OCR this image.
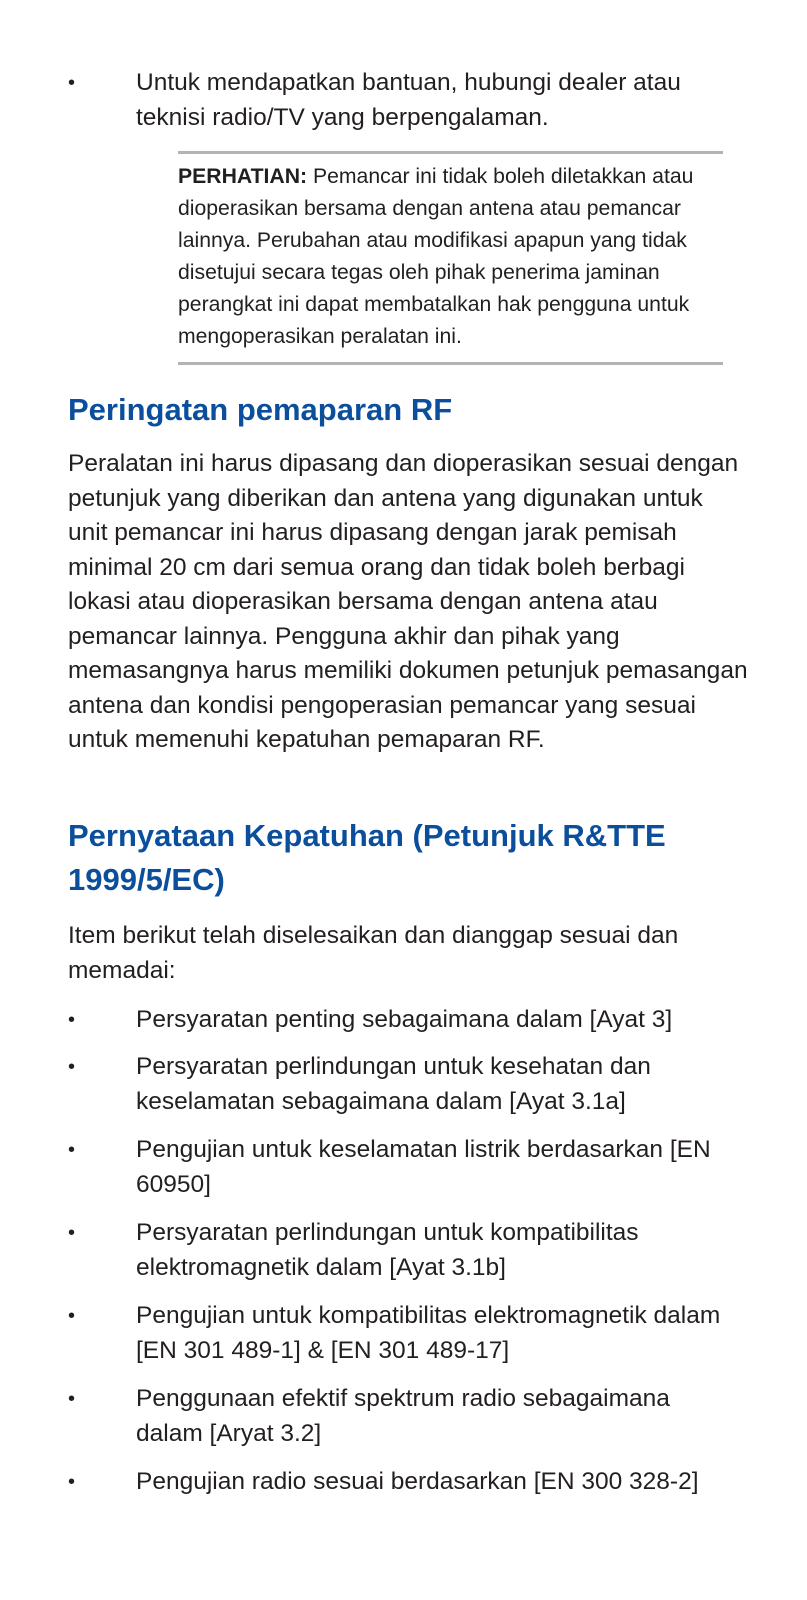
•	Untuk mendapatkan bantuan, hubungi dealer atau teknisi radio/TV yang berpengalaman.
PERHATIAN: Pemancar ini tidak boleh diletakkan atau dioperasikan bersama dengan antena atau pemancar lainnya. Perubahan atau modifikasi apapun yang tidak disetujui secara tegas oleh pihak penerima jaminan perangkat ini dapat membatalkan hak pengguna untuk mengoperasikan peralatan ini.
Peringatan pemaparan RF
Peralatan ini harus dipasang dan dioperasikan sesuai dengan petunjuk yang diberikan dan antena yang digunakan untuk unit pemancar ini harus dipasang dengan jarak pemisah minimal 20 cm dari semua orang dan tidak boleh berbagi lokasi atau dioperasikan bersama dengan antena atau pemancar lainnya. Pengguna akhir dan pihak yang memasangnya harus memiliki dokumen petunjuk pemasangan antena dan kondisi pengoperasian pemancar yang sesuai untuk memenuhi kepatuhan pemaparan RF.
Pernyataan Kepatuhan (Petunjuk R&TTE 1999/5/EC)
Item berikut telah diselesaikan dan dianggap sesuai dan memadai:
•	Persyaratan penting sebagaimana dalam [Ayat 3]
•	Persyaratan perlindungan untuk kesehatan dan keselamatan sebagaimana dalam [Ayat 3.1a]
•	Pengujian untuk keselamatan listrik berdasarkan [EN 60950]
•	Persyaratan perlindungan untuk kompatibilitas elektromagnetik dalam [Ayat 3.1b]
•	Pengujian untuk kompatibilitas elektromagnetik dalam [EN 301 489-1] & [EN 301 489-17]
•	Penggunaan efektif spektrum radio sebagaimana dalam [Aryat 3.2]
•	Pengujian radio sesuai berdasarkan [EN 300 328-2]
